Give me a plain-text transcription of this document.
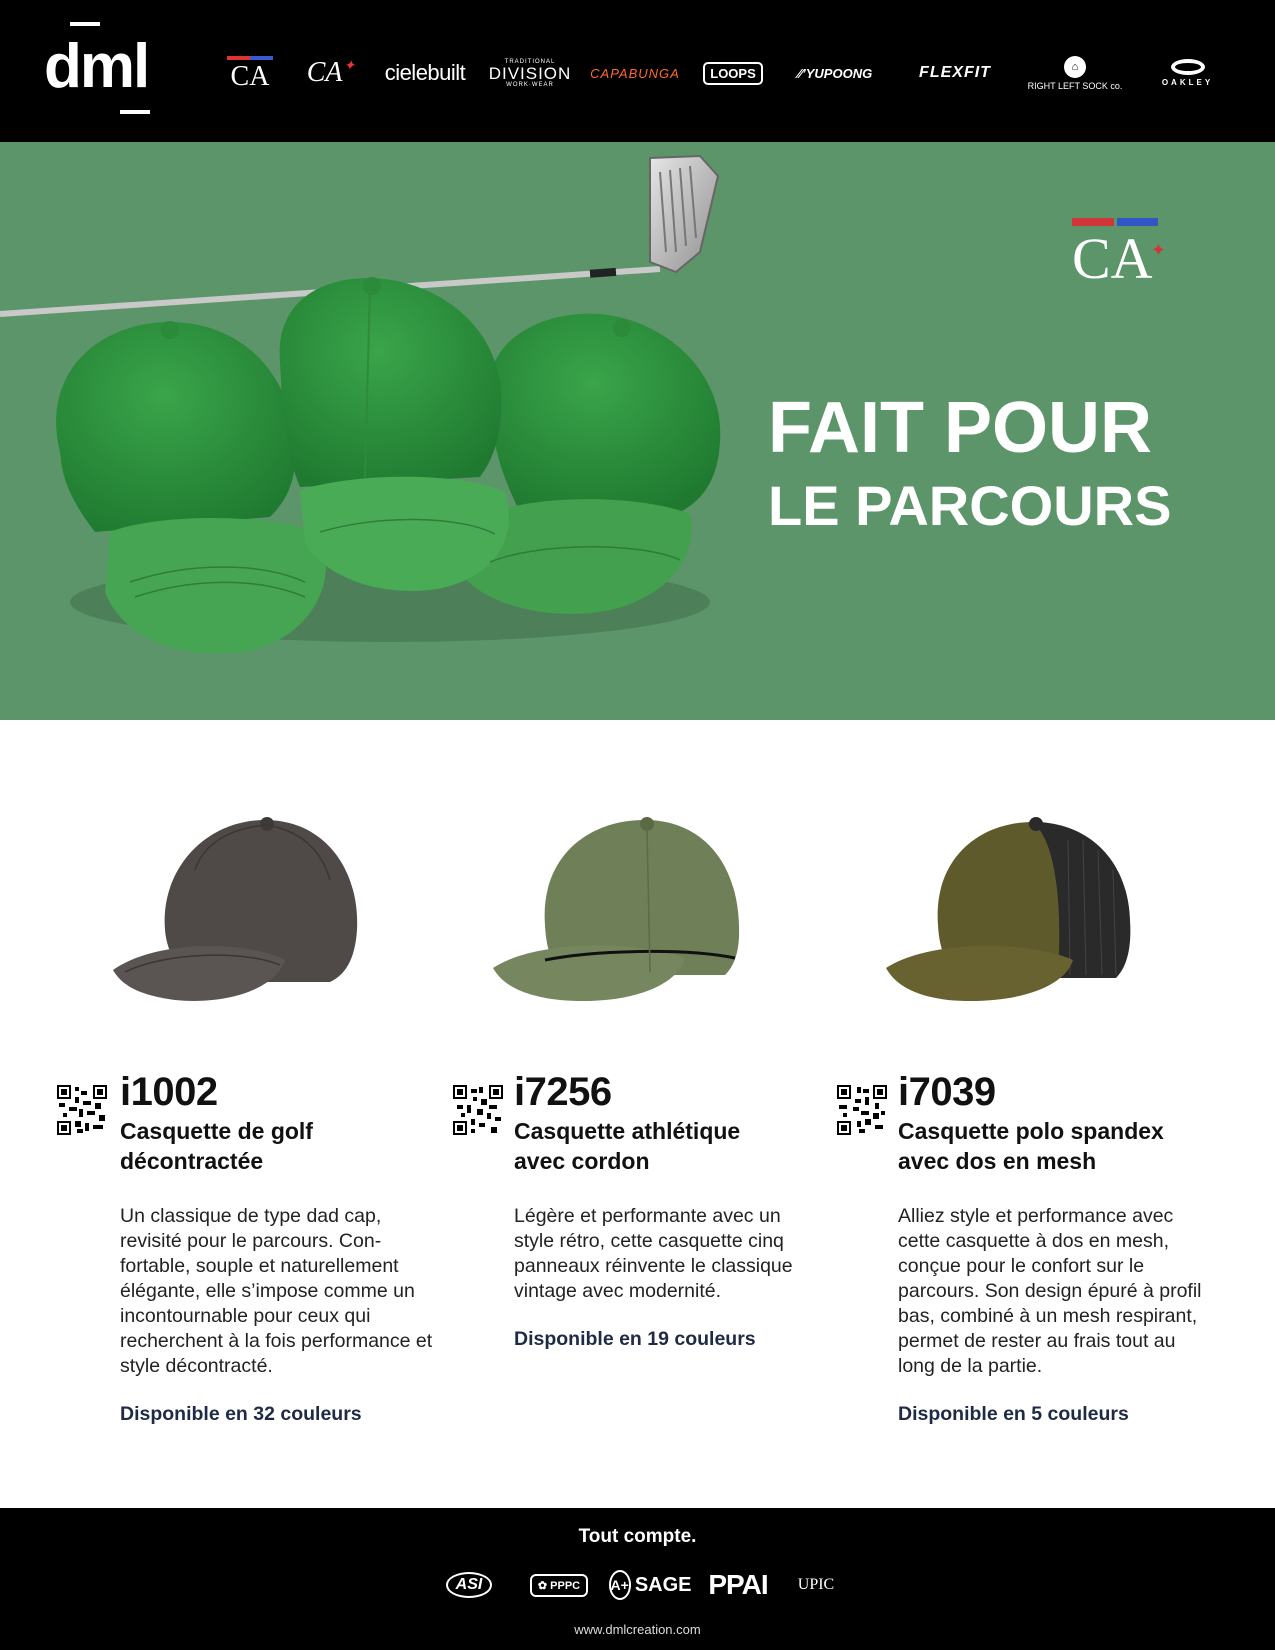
dml	CA CA ✦ cielebuilt	TRADITIONAL
DIVISION
WORK·WEAR
CAPABUNGA	LOOPS	⁄⁄’ YUPOONG	FLEXFIT	⌂
RIGHT LEFT SOCK co.	OAKLEY
CA
✦
FAIT POUR
LE PARCOURS
i1002
Casquette de golf décontractée
Un classique de type dad cap, revisité pour le parcours. Con-fortable, souple et naturellement élégante, elle s’impose comme un incontournable pour ceux qui recherchent à la fois performance et style décontracté.
Disponible en 32 couleurs
i7256
Casquette athlétique avec cordon
Légère et performante avec un style rétro, cette casquette cinq panneaux réinvente le classique vintage avec modernité.
Disponible en 19 couleurs
i7039
Casquette polo spandex avec dos en mesh
Alliez style et performance avec cette casquette à dos en mesh, conçue pour le confort sur le parcours. Son design épuré à profil bas, combiné à un mesh respirant, permet de rester au frais tout au long de la partie.
Disponible en 5 couleurs
Tout compte.
ASI	✿ PPPC	A+ SAGE PPAI UPIC
www.dmlcreation.com
